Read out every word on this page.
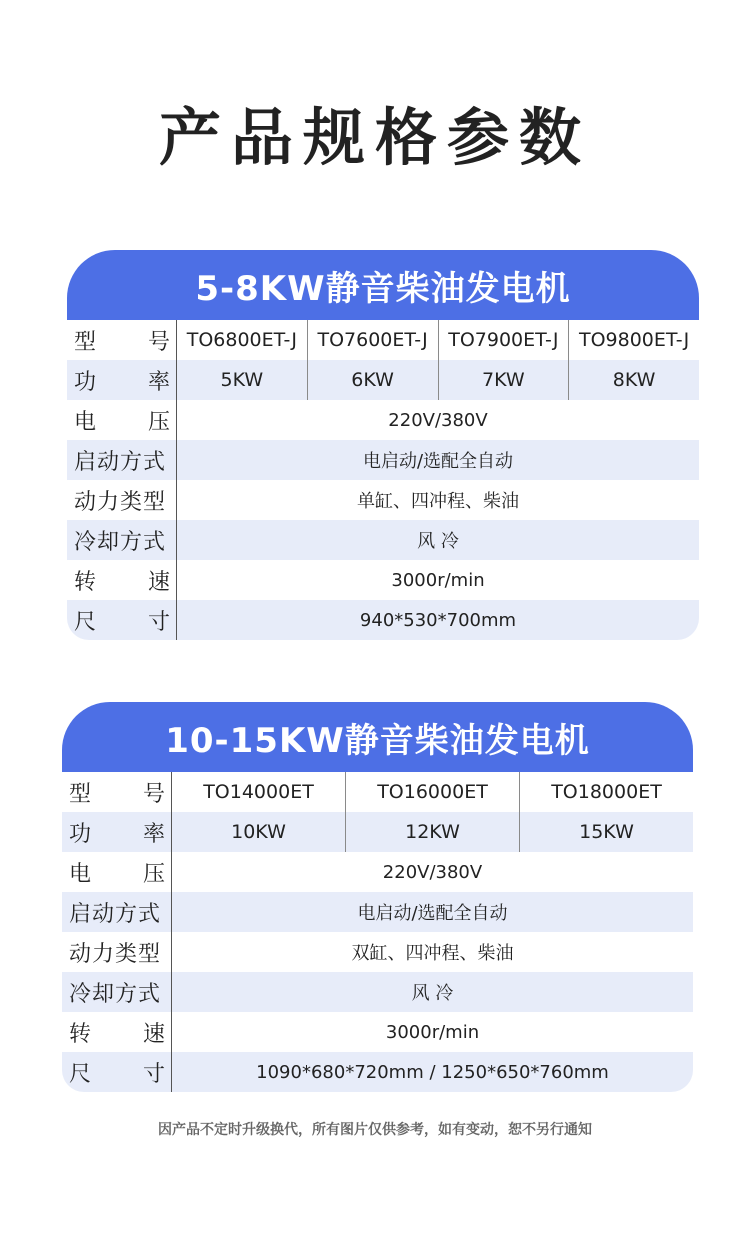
产品规格参数
5-8KW静音柴油发电机
型 号 TO6800ET-J	TO7600ET-J	TO7900ET-J	TO9800ET-J
功 率	5KW	6KW	7KW	8KW
电 压	220V/380V
启动方式	电启动/选配全自动
动力类型	单缸、四冲程、柴油
冷却方式	风 冷
转 速	3000r/min
尺 寸	940*530*700mm
10-15KW静音柴油发电机
型 号	TO14000ET	TO16000ET	TO18000ET
功 率	10KW	12KW	15KW
电 压	220V/380V
启动方式	电启动/选配全自动
动力类型	双缸、四冲程、柴油
冷却方式	风 冷
转 速	3000r/min
尺 寸	1090*680*720mm / 1250*650*760mm
因产品不定时升级换代，所有图片仅供参考，如有变动，恕不另行通知
